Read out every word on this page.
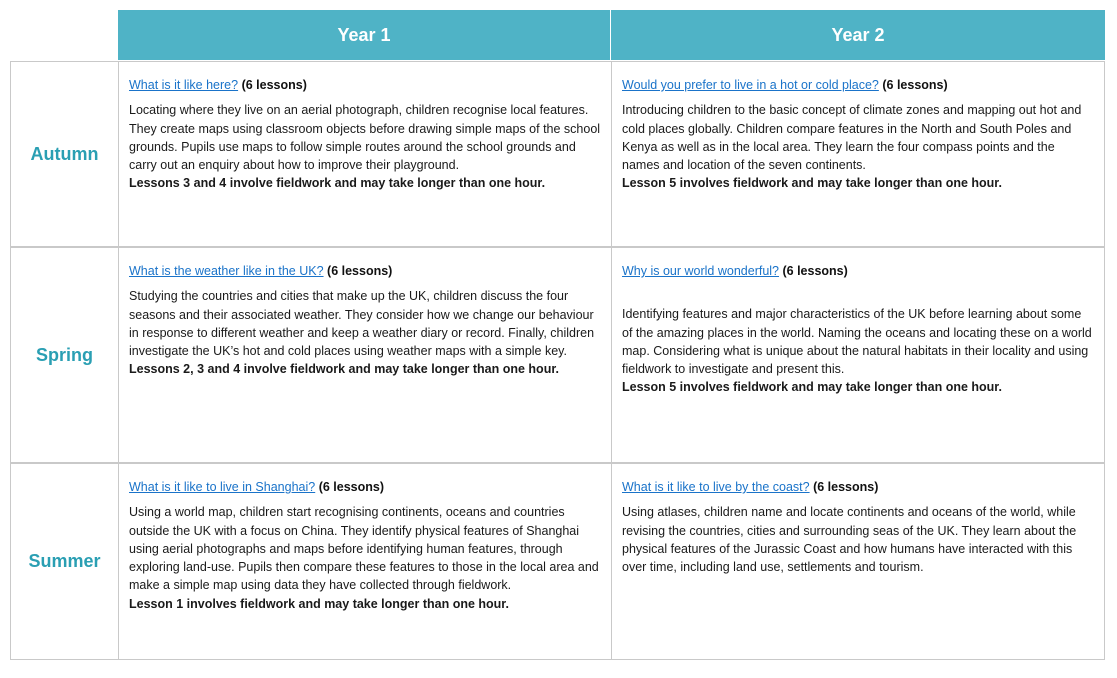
Year 1	Year 2
Autumn
What is it like here? (6 lessons)

Locating where they live on an aerial photograph, children recognise local features. They create maps using classroom objects before drawing simple maps of the school grounds. Pupils use maps to follow simple routes around the school grounds and carry out an enquiry about how to improve their playground.

Lessons 3 and 4 involve fieldwork and may take longer than one hour.

Would you prefer to live in a hot or cold place? (6 lessons)

Introducing children to the basic concept of climate zones and mapping out hot and cold places globally. Children compare features in the North and South Poles and Kenya as well as in the local area. They learn the four compass points and the names and location of the seven continents.

Lesson 5 involves fieldwork and may take longer than one hour.

Spring
What is the weather like in the UK? (6 lessons)

Studying the countries and cities that make up the UK, children discuss the four seasons and their associated weather. They consider how we change our behaviour in response to different weather and keep a weather diary or record. Finally, children investigate the UK’s hot and cold places using weather maps with a simple key.

Lessons 2, 3 and 4 involve fieldwork and may take longer than one hour.

Why is our world wonderful? (6 lessons)

Identifying features and major characteristics of the UK before learning about some of the amazing places in the world. Naming the oceans and locating these on a world map. Considering what is unique about the natural habitats in their locality and using fieldwork to investigate and present this.

Lesson 5 involves fieldwork and may take longer than one hour.

Summer
What is it like to live in Shanghai? (6 lessons)

Using a world map, children start recognising continents, oceans and countries outside the UK with a focus on China. They identify physical features of Shanghai using aerial photographs and maps before identifying human features, through exploring land-use. Pupils then compare these features to those in the local area and make a simple map using data they have collected through fieldwork.

Lesson 1 involves fieldwork and may take longer than one hour.

What is it like to live by the coast? (6 lessons)

Using atlases, children name and locate continents and oceans of the world, while revising the countries, cities and surrounding seas of the UK. They learn about the physical features of the Jurassic Coast and how humans have interacted with this over time, including land use, settlements and tourism.
